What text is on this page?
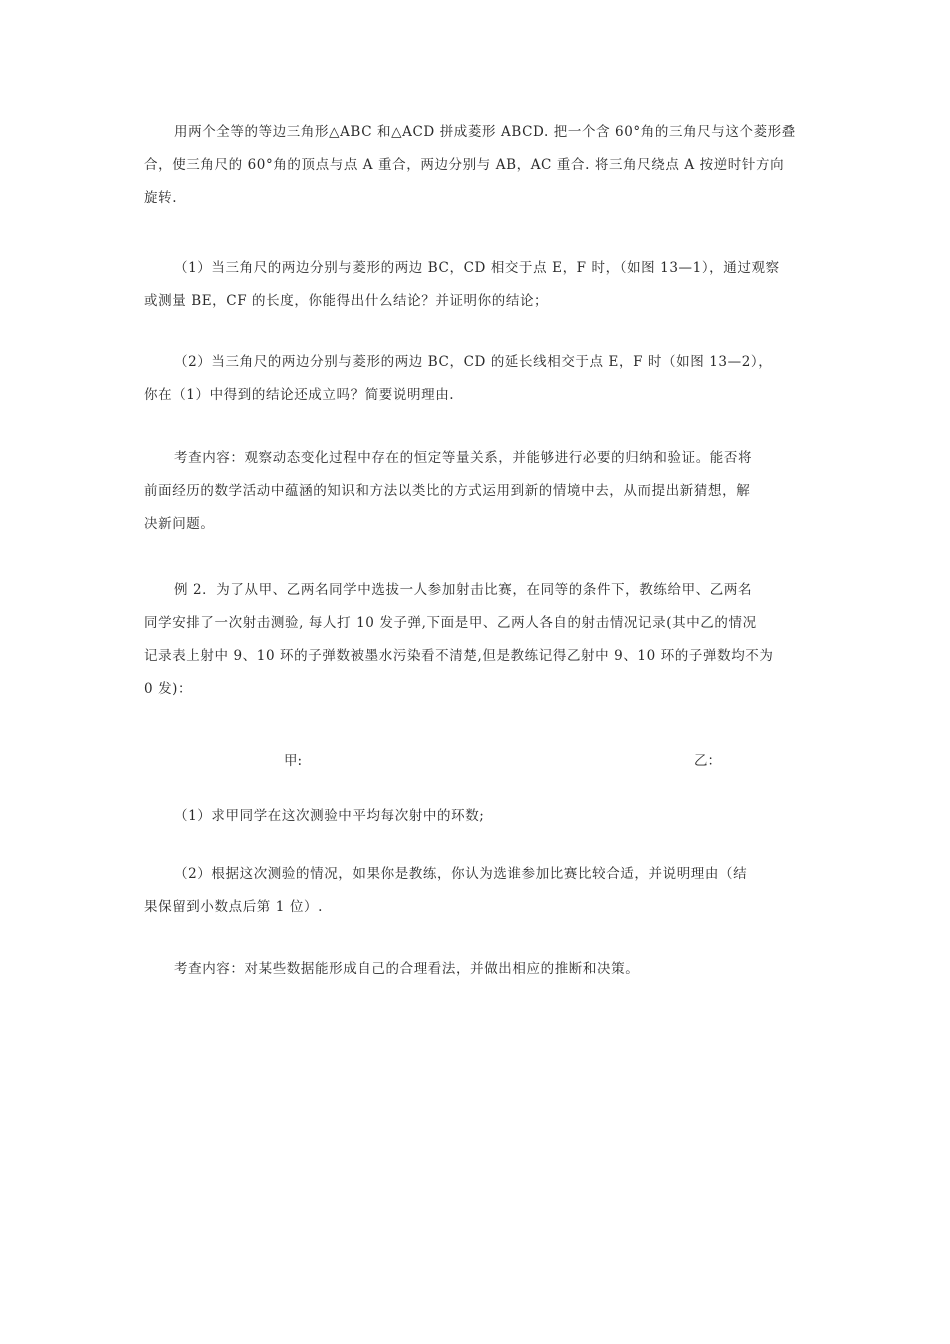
用两个全等的等边三角形△ABC 和△ACD 拼成菱形 ABCD. 把一个含 60°角的三角尺与这个菱形叠
合，使三角尺的 60°角的顶点与点 A 重合，两边分别与 AB，AC 重合. 将三角尺绕点 A 按逆时针方向
旋转.
（1）当三角尺的两边分别与菱形的两边 BC，CD 相交于点 E，F 时，（如图 13—1），通过观察
或测量 BE，CF 的长度，你能得出什么结论？并证明你的结论；
（2）当三角尺的两边分别与菱形的两边 BC，CD 的延长线相交于点 E，F 时（如图 13—2），
你在（1）中得到的结论还成立吗？简要说明理由.
考查内容：观察动态变化过程中存在的恒定等量关系，并能够进行必要的归纳和验证。能否将
前面经历的数学活动中蕴涵的知识和方法以类比的方式运用到新的情境中去，从而提出新猜想，解
决新问题。
例 2．为了从甲、乙两名同学中选拔一人参加射击比赛，在同等的条件下，教练给甲、乙两名
同学安排了一次射击测验, 每人打 10 发子弹,下面是甲、乙两人各自的射击情况记录(其中乙的情况
记录表上射中 9、10 环的子弹数被墨水污染看不清楚,但是教练记得乙射中 9、10 环的子弹数均不为
0 发)：
甲:	乙：
（1）求甲同学在这次测验中平均每次射中的环数;
（2）根据这次测验的情况，如果你是教练，你认为选谁参加比赛比较合适，并说明理由（结
果保留到小数点后第 1 位）.
考查内容：对某些数据能形成自己的合理看法，并做出相应的推断和决策。
